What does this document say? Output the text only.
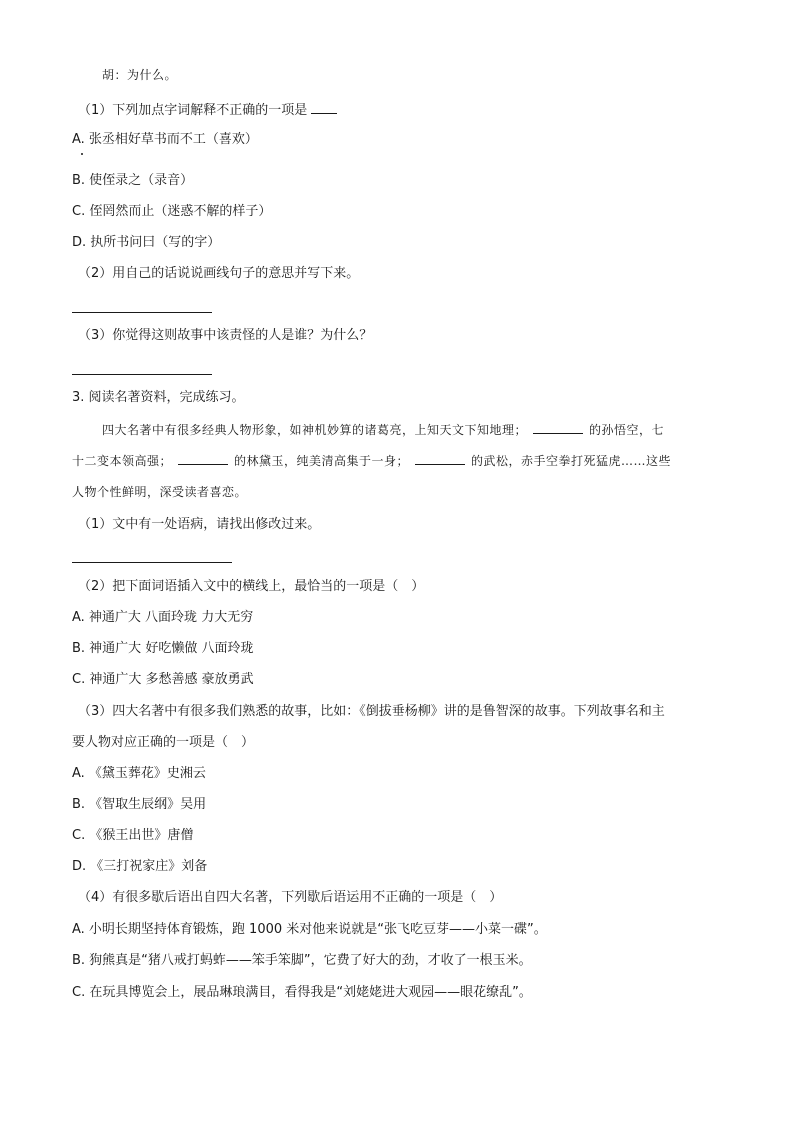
胡：为什么。
（1）下列加点字词解释不正确的一项是
A. 张丞相好草书而不工（喜欢）
B. 使侄录之（录音）
C. 侄罔然而止（迷惑不解的样子）
D. 执所书问曰（写的字）
（2）用自己的话说说画线句子的意思并写下来。
（3）你觉得这则故事中该责怪的人是谁？为什么？
3. 阅读名著资料，完成练习。
四大名著中有很多经典人物形象，如神机妙算的诸葛亮，上知天文下知地理；	的孙悟空，七
十二变本领高强；	的林黛玉，纯美清高集于一身；	的武松，赤手空拳打死猛虎……这些
人物个性鲜明，深受读者喜恋。
（1）文中有一处语病，请找出修改过来。
（2）把下面词语插入文中的横线上，最恰当的一项是（　）
A. 神通广大 八面玲珑 力大无穷
B. 神通广大 好吃懒做 八面玲珑
C. 神通广大 多愁善感 豪放勇武
（3）四大名著中有很多我们熟悉的故事，比如：《倒拔垂杨柳》讲的是鲁智深的故事。下列故事名和主
要人物对应正确的一项是（　）
A. 《黛玉葬花》史湘云
B. 《智取生辰纲》吴用
C. 《猴王出世》唐僧
D. 《三打祝家庄》刘备
（4）有很多歇后语出自四大名著，下列歇后语运用不正确的一项是（　）
A. 小明长期坚持体育锻炼，跑 1000 米对他来说就是“张飞吃豆芽——小菜一碟”。
B. 狗熊真是“猪八戒打蚂蚱——笨手笨脚”，它费了好大的劲，才收了一根玉米。
C. 在玩具博览会上，展品琳琅满目，看得我是“刘姥姥进大观园——眼花缭乱”。
